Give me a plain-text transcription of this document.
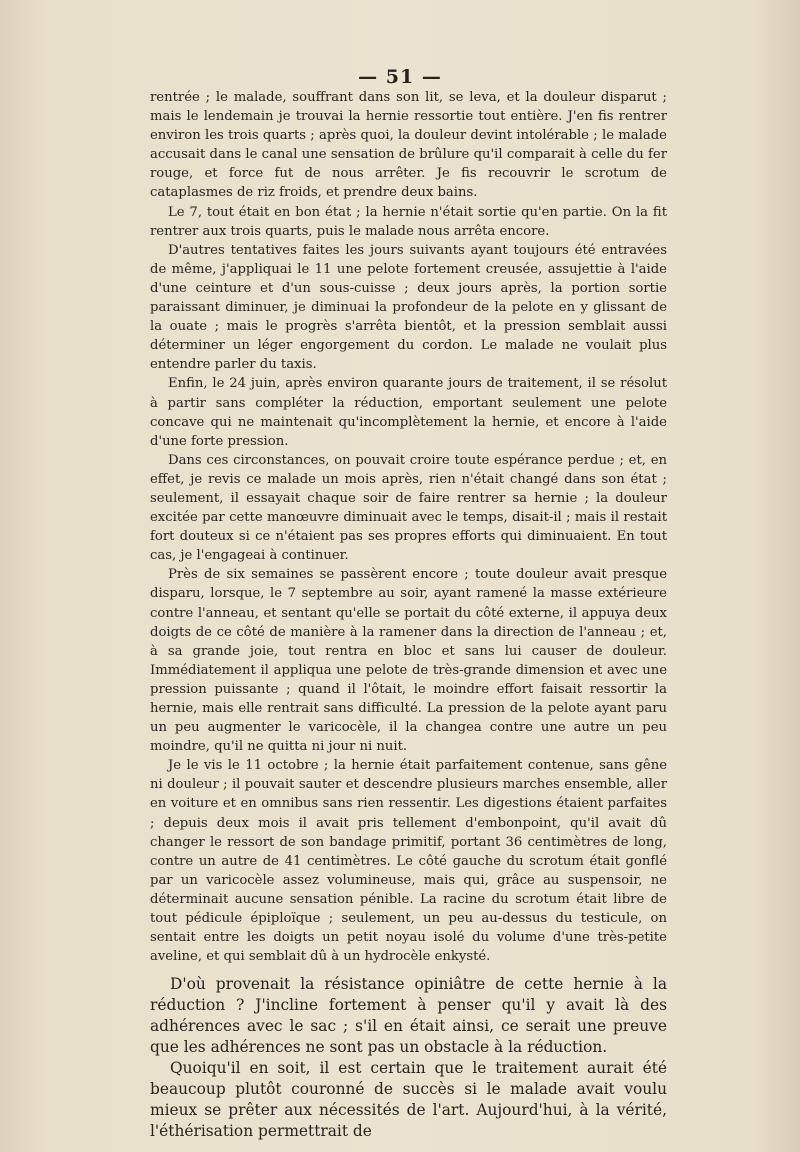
— 51 —

rentrée ; le malade, souffrant dans son lit, se leva, et la douleur disparut ; mais le lendemain je trouvai la hernie ressortie tout entière. J'en fis rentrer environ les trois quarts ; après quoi, la douleur devint intolérable ; le malade accusait dans le canal une sensation de brûlure qu'il comparait à celle du fer rouge, et force fut de nous arrêter. Je fis recouvrir le scrotum de cataplasmes de riz froids, et prendre deux bains.

Le 7, tout était en bon état ; la hernie n'était sortie qu'en partie. On la fit rentrer aux trois quarts, puis le malade nous arrêta encore.

D'autres tentatives faites les jours suivants ayant toujours été entravées de même, j'appliquai le 11 une pelote fortement creusée, assujettie à l'aide d'une ceinture et d'un sous-cuisse ; deux jours après, la portion sortie paraissant diminuer, je diminuai la profondeur de la pelote en y glissant de la ouate ; mais le progrès s'arrêta bientôt, et la pression semblait aussi déterminer un léger engorgement du cordon. Le malade ne voulait plus entendre parler du taxis.

Enfin, le 24 juin, après environ quarante jours de traitement, il se résolut à partir sans compléter la réduction, emportant seulement une pelote concave qui ne maintenait qu'incomplètement la hernie, et encore à l'aide d'une forte pression.

Dans ces circonstances, on pouvait croire toute espérance perdue ; et, en effet, je revis ce malade un mois après, rien n'était changé dans son état ; seulement, il essayait chaque soir de faire rentrer sa hernie ; la douleur excitée par cette manœuvre diminuait avec le temps, disait-il ; mais il restait fort douteux si ce n'étaient pas ses propres efforts qui diminuaient. En tout cas, je l'engageai à continuer.

Près de six semaines se passèrent encore ; toute douleur avait presque disparu, lorsque, le 7 septembre au soir, ayant ramené la masse extérieure contre l'anneau, et sentant qu'elle se portait du côté externe, il appuya deux doigts de ce côté de manière à la ramener dans la direction de l'anneau ; et, à sa grande joie, tout rentra en bloc et sans lui causer de douleur. Immédiatement il appliqua une pelote de très-grande dimension et avec une pression puissante ; quand il l'ôtait, le moindre effort faisait ressortir la hernie, mais elle rentrait sans difficulté. La pression de la pelote ayant paru un peu augmenter le varicocèle, il la changea contre une autre un peu moindre, qu'il ne quitta ni jour ni nuit.

Je le vis le 11 octobre ; la hernie était parfaitement contenue, sans gêne ni douleur ; il pouvait sauter et descendre plusieurs marches ensemble, aller en voiture et en omnibus sans rien ressentir. Les digestions étaient parfaites ; depuis deux mois il avait pris tellement d'embonpoint, qu'il avait dû changer le ressort de son bandage primitif, portant 36 centimètres de long, contre un autre de 41 centimètres. Le côté gauche du scrotum était gonflé par un varicocèle assez volumineuse, mais qui, grâce au suspensoir, ne déterminait aucune sensation pénible. La racine du scrotum était libre de tout pédicule épiploïque ; seulement, un peu au-dessus du testicule, on sentait entre les doigts un petit noyau isolé du volume d'une très-petite aveline, et qui semblait dû à un hydrocèle enkysté.

D'où provenait la résistance opiniâtre de cette hernie à la réduction ? J'incline fortement à penser qu'il y avait là des adhérences avec le sac ; s'il en était ainsi, ce serait une preuve que les adhérences ne sont pas un obstacle à la réduction.

Quoiqu'il en soit, il est certain que le traitement aurait été beaucoup plutôt couronné de succès si le malade avait voulu mieux se prêter aux nécessités de l'art. Aujourd'hui, à la vérité, l'éthérisation permettrait de
